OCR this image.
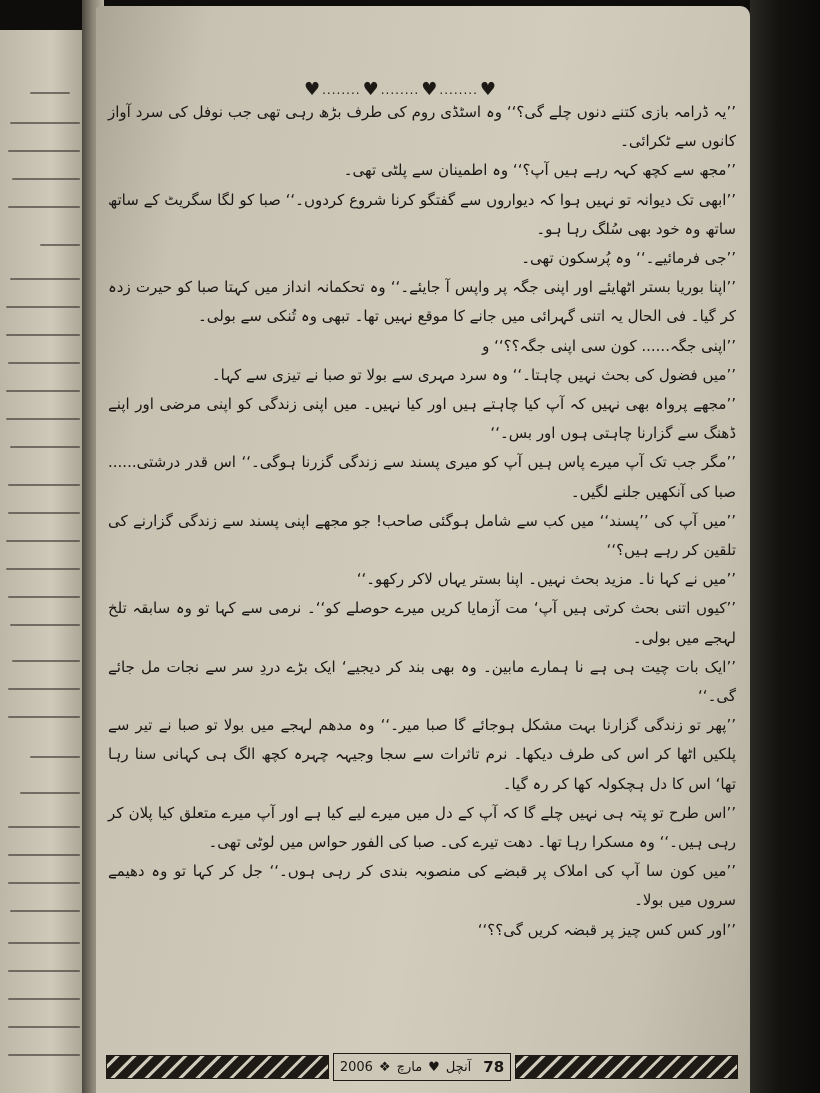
♥ ........ ♥ ........ ♥ ........ ♥

’’یہ ڈرامہ بازی کتنے دنوں چلے گی؟‘‘ وہ اسٹڈی روم کی طرف بڑھ رہی تھی جب نوفل کی سرد آواز کانوں سے ٹکرائی۔

’’مجھ سے کچھ کہہ رہے ہیں آپ؟‘‘ وہ اطمینان سے پلٹی تھی۔

’’ابھی تک دیوانہ تو نہیں ہوا کہ دیواروں سے گفتگو کرنا شروع کردوں۔‘‘ صبا کو لگا سگریٹ کے ساتھ ساتھ وہ خود بھی سُلگ رہا ہو۔

’’جی فرمائیے۔‘‘ وہ پُرسکون تھی۔

’’اپنا بوریا بستر اٹھایئے اور اپنی جگہ پر واپس آ جایئے۔‘‘ وہ تحکمانہ انداز میں کہتا صبا کو حیرت زدہ کر گیا۔ فی الحال یہ اتنی گہرائی میں جانے کا موقع نہیں تھا۔ تبھی وہ تُنکی سے بولی۔

’’اپنی جگہ...... کون سی اپنی جگہ؟؟‘‘ و

’’میں فضول کی بحث نہیں چاہتا۔‘‘ وہ سرد مہری سے بولا تو صبا نے تیزی سے کہا۔

’’مجھے پرواہ بھی نہیں کہ آپ کیا چاہتے ہیں اور کیا نہیں۔ میں اپنی زندگی کو اپنی مرضی اور اپنے ڈھنگ سے گزارنا چاہتی ہوں اور بس۔‘‘

’’مگر جب تک آپ میرے پاس ہیں آپ کو میری پسند سے زندگی گزرنا ہوگی۔‘‘ اس قدر درشتی...... صبا کی آنکھیں جلنے لگیں۔

’’میں آپ کی ’’پسند‘‘ میں کب سے شامل ہوگئی صاحب! جو مجھے اپنی پسند سے زندگی گزارنے کی تلقین کر رہے ہیں؟‘‘

’’میں نے کہا نا۔ مزید بحث نہیں۔ اپنا بستر یہاں لاکر رکھو۔‘‘

’’کیوں اتنی بحث کرتی ہیں آپ‘ مت آزمایا کریں میرے حوصلے کو‘‘۔ نرمی سے کہا تو وہ سابقہ تلخ لہجے میں بولی۔

’’ایک بات چیت ہی ہے نا ہمارے مابین۔ وہ بھی بند کر دیجیے‘ ایک بڑے دردِ سر سے نجات مل جائے گی۔‘‘

’’پھر تو زندگی گزارنا بہت مشکل ہوجائے گا صبا میر۔‘‘ وہ مدھم لہجے میں بولا تو صبا نے تیر سے پلکیں اٹھا کر اس کی طرف دیکھا۔ نرم تاثرات سے سجا وجیہہ چہرہ کچھ الگ ہی کہانی سنا رہا تھا‘ اس کا دل ہچکولہ کھا کر رہ گیا۔

’’اس طرح تو پتہ ہی نہیں چلے گا کہ آپ کے دل میں میرے لیے کیا ہے اور آپ میرے متعلق کیا پلان کر رہی ہیں۔‘‘ وہ مسکرا رہا تھا۔ دھت تیرے کی۔ صبا کی الفور حواس میں لوٹی تھی۔

’’میں کون سا آپ کی املاک پر قبضے کی منصوبہ بندی کر رہی ہوں۔‘‘ جل کر کہا تو وہ دھیمے سروں میں بولا۔

’’اور کس کس چیز پر قبضہ کریں گی؟؟‘‘

2006 ❖ مارچ ♥ آنچل 78
